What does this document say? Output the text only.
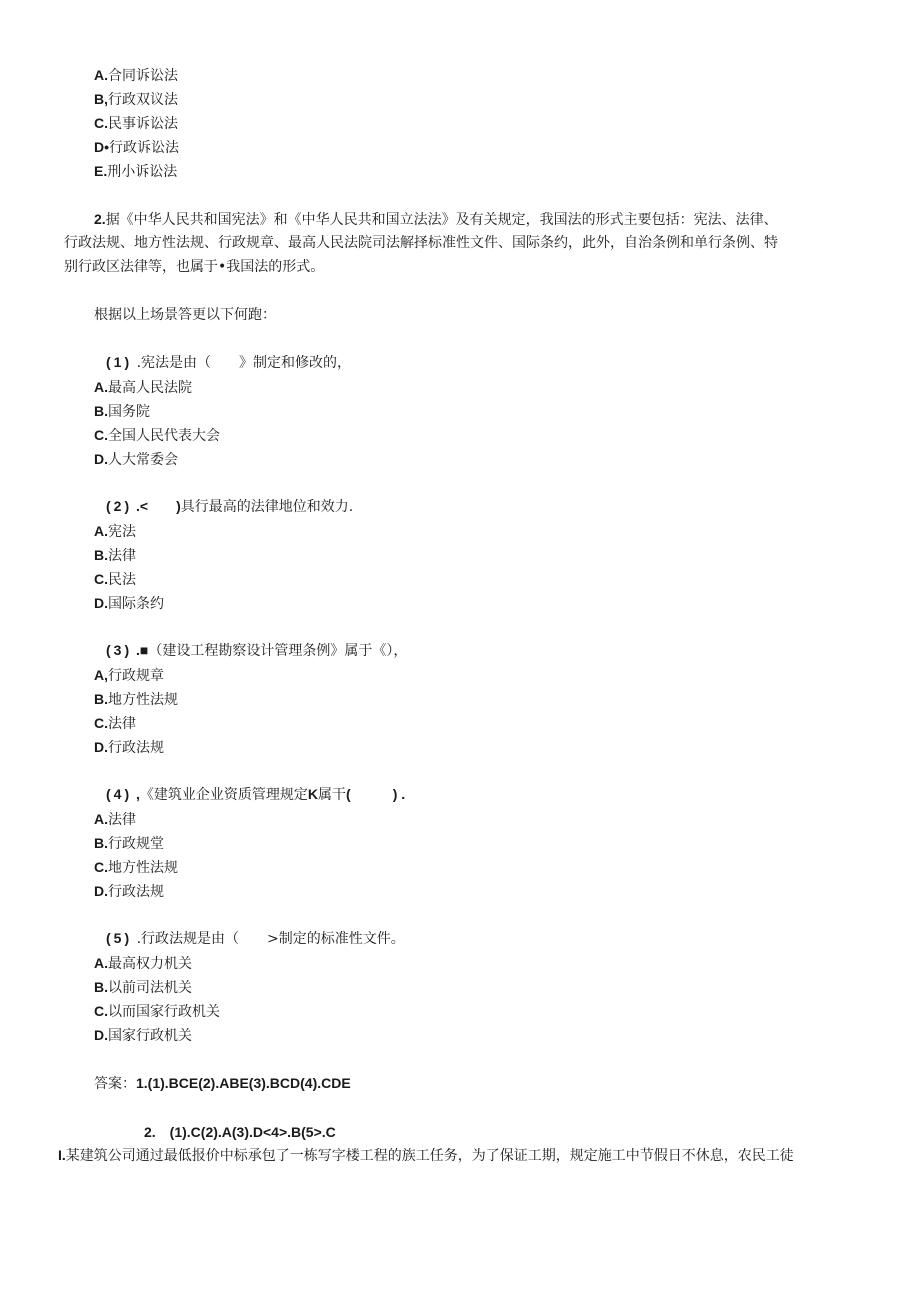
A.合同诉讼法
B,行政双议法
C.民事诉讼法
D•行政诉讼法
E.刑小诉讼法
2.据《中华人民共和国宪法》和《中华人民共和国立法法》及有关规定，我国法的形式主要包括：宪法、法律、
行政法规、地方性法规、行政规章、最高人民法院司法解择标准性文件、国际条约，此外，自治条例和单行条例、特
别行政区法律等，也属于•我国法的形式。
根据以上场景答更以下何跑：
(1) .宪法是由（　　》制定和修改的，
A.最高人民法院
B.国务院
C.全国人民代表大会
D.人大常委会
(2) .<　　)具行最高的法律地位和效力.
A.宪法
B.法律
C.民法
D.国际条约
(3) .■（建设工程勘察设计管理条例》属于《），
A,行政规章
B.地方性法规
C.法律
D.行政法规
(4) ,《建筑业企业资质管理规定K属干(　　　) .
A.法律
B.行政规堂
C.地方性法规
D.行政法规
(5) .行政法规是由（　　>制定的标准性文件。
A.最高权力机关
B.以前司法机关
C.以而国家行政机关
D.国家行政机关
答案：1.(1).BCE(2).ABE(3).BCD(4).CDE
2.　(1).C(2).A(3).D<4>.B(5>.C
I.某建筑公司通过最低报价中标承包了一栋写字楼工程的族工任务，为了保证工期，规定施工中节假日不休息，农民工徒
